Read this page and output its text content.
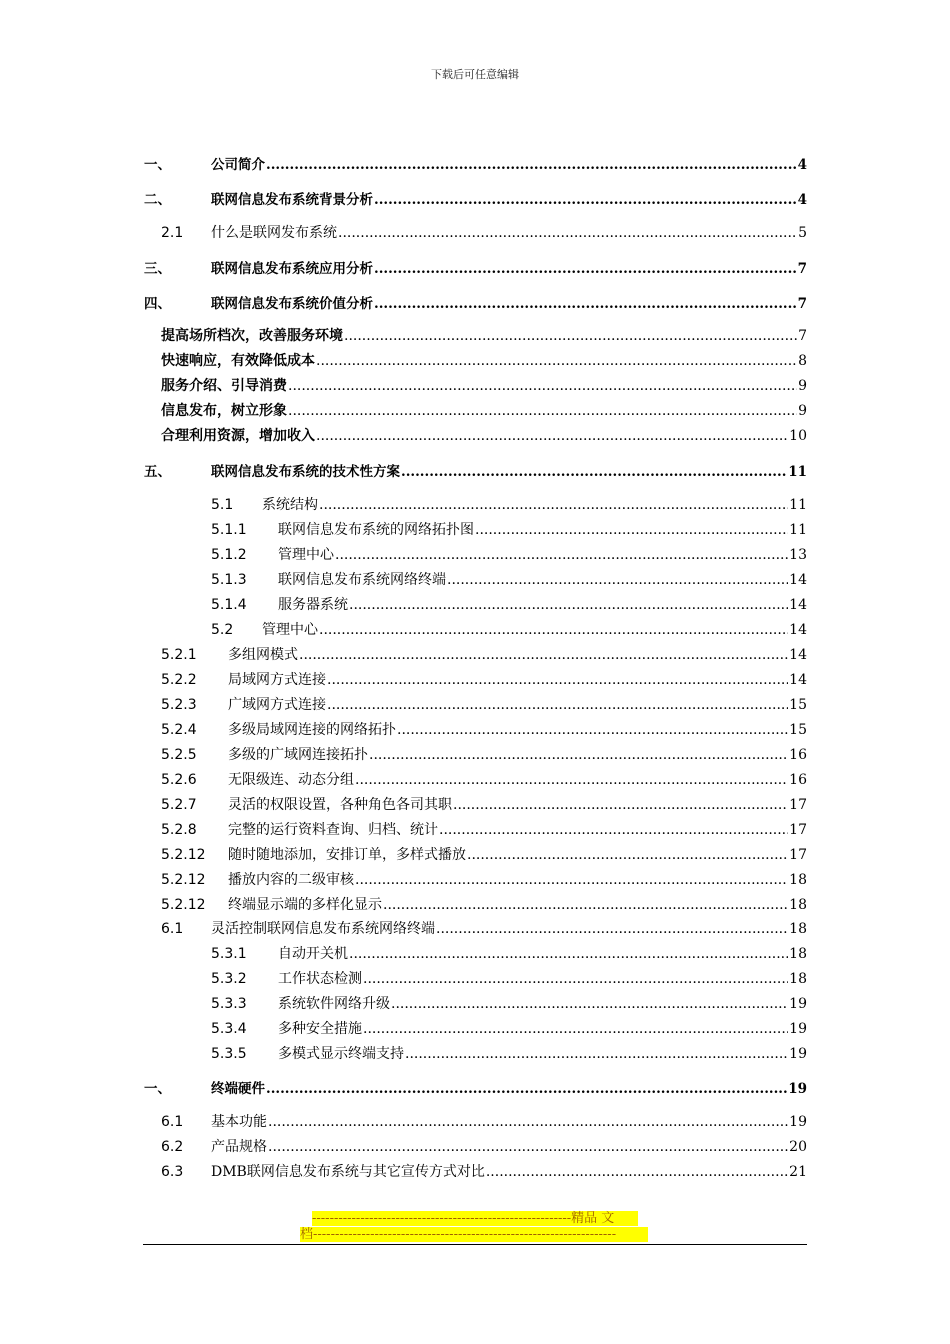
下载后可任意编辑
一、	公司简介 .....	4
二、	联网信息发布系统背景分析 .....	4
2.1	什么是联网发布系统 .....	5
三、	联网信息发布系统应用分析 .....	7
四、	联网信息发布系统价值分析 .....	7
提高场所档次，改善服务环境 .....	7
快速响应，有效降低成本 .....	8
服务介绍、引导消费 .....	9
信息发布，树立形象 .....	9
合理利用资源，增加收入 .....	10
五、	联网信息发布系统的技术性方案 .....	11
5.1	系统结构 .....	11
5.1.1	联网信息发布系统的网络拓扑图 .....	11
5.1.2	管理中心 .....	13
5.1.3	联网信息发布系统网络终端 .....	14
5.1.4	服务器系统 .....	14
5.2	管理中心 .....	14
5.2.1	多组网模式 .....	14
5.2.2	局域网方式连接 .....	14
5.2.3	广域网方式连接 .....	15
5.2.4	多级局域网连接的网络拓扑 .....	15
5.2.5	多级的广域网连接拓扑 .....	16
5.2.6	无限级连、动态分组 .....	16
5.2.7	灵活的权限设置，各种角色各司其职 .....	17
5.2.8	完整的运行资料查询、归档、统计 .....	17
5.2.12	随时随地添加，安排订单，多样式播放 .....	17
5.2.12	播放内容的二级审核 .....	18
5.2.12	终端显示端的多样化显示 .....	18
6.1	灵活控制联网信息发布系统网络终端 .....	18
5.3.1	自动开关机 .....	18
5.3.2	工作状态检测 .....	18
5.3.3	系统软件网络升级 .....	19
5.3.4	多种安全措施 .....	19
5.3.5	多模式显示终端支持 .....	19
一、	终端硬件 .....	19
6.1	基本功能 .....	19
6.2	产品规格 .....	20
6.3	DMB联网信息发布系统与其它宣传方式对比 .....	21
-----------------------------------------------------------精品 文
档---------------------------------------------------------------------
